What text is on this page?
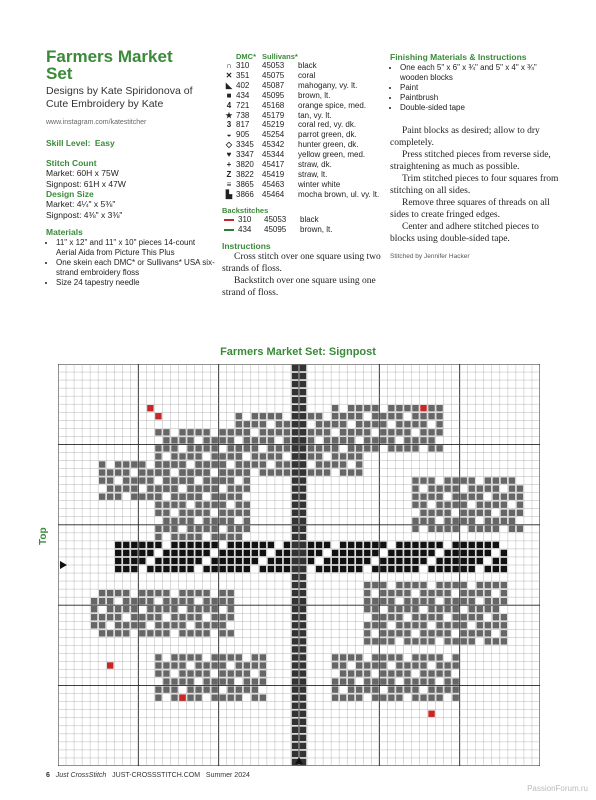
Farmers Market
Set
Designs by Kate Spiridonova of
Cute Embroidery by Kate
www.instagram.com/katestitcher
Skill Level: Easy
Stitch Count
Market: 60H x 75W
Signpost: 61H x 47W
Design Size
Market: 4¼" x 5⅜"
Signpost: 4⅜" x 3⅜"
Materials
• 11" x 12" and 11" x 10" pieces 14-count Aerial Aida from Picture This Plus
• One skein each DMC* or Sullivans* USA six-strand embroidery floss
• Size 24 tapestry needle
DMC* Sullivans*
∩ 310	45053	black
✕ 351	45075	coral
◣ 402	45087	mahogany, vy. lt.
■ 434	45095	brown, lt.
4 721	45168	orange spice, med.
★ 738	45179	tan, vy. lt.
3 817	45219	coral red, vy. dk.
◒ 905	45254	parrot green, dk.
◇ 3345	45342	hunter green, dk.
♥ 3347	45344	yellow green, med.
+ 3820	45417	straw, dk.
Z 3822	45419	straw, lt.
≡ 3865	45463	winter white
▙ 3866	45464	mocha brown, ul. vy. lt.
Backstitches
310	45053	black
434	45095	brown, lt.
Instructions

Cross stitch over one square using two strands of floss.

Backstitch over one square using one strand of floss.

Finishing Materials & Instructions
• One each 5" x 6" x ¾" and 5" x 4" x ¾" wooden blocks
• Paint
• Paintbrush
• Double-sided tape

Paint blocks as desired; allow to dry completely.

Press stitched pieces from reverse side, straightening as much as possible.

Trim stitched pieces to four squares from stitching on all sides.

Remove three squares of threads on all sides to create fringed edges.

Center and adhere stitched pieces to blocks using double-sided tape.

Stitched by Jennifer Hacker
Farmers Market Set: Signpost
Top
6 Just CrossStitch JUST-CROSSSTITCH.COM Summer 2024
PassionForum.ru
